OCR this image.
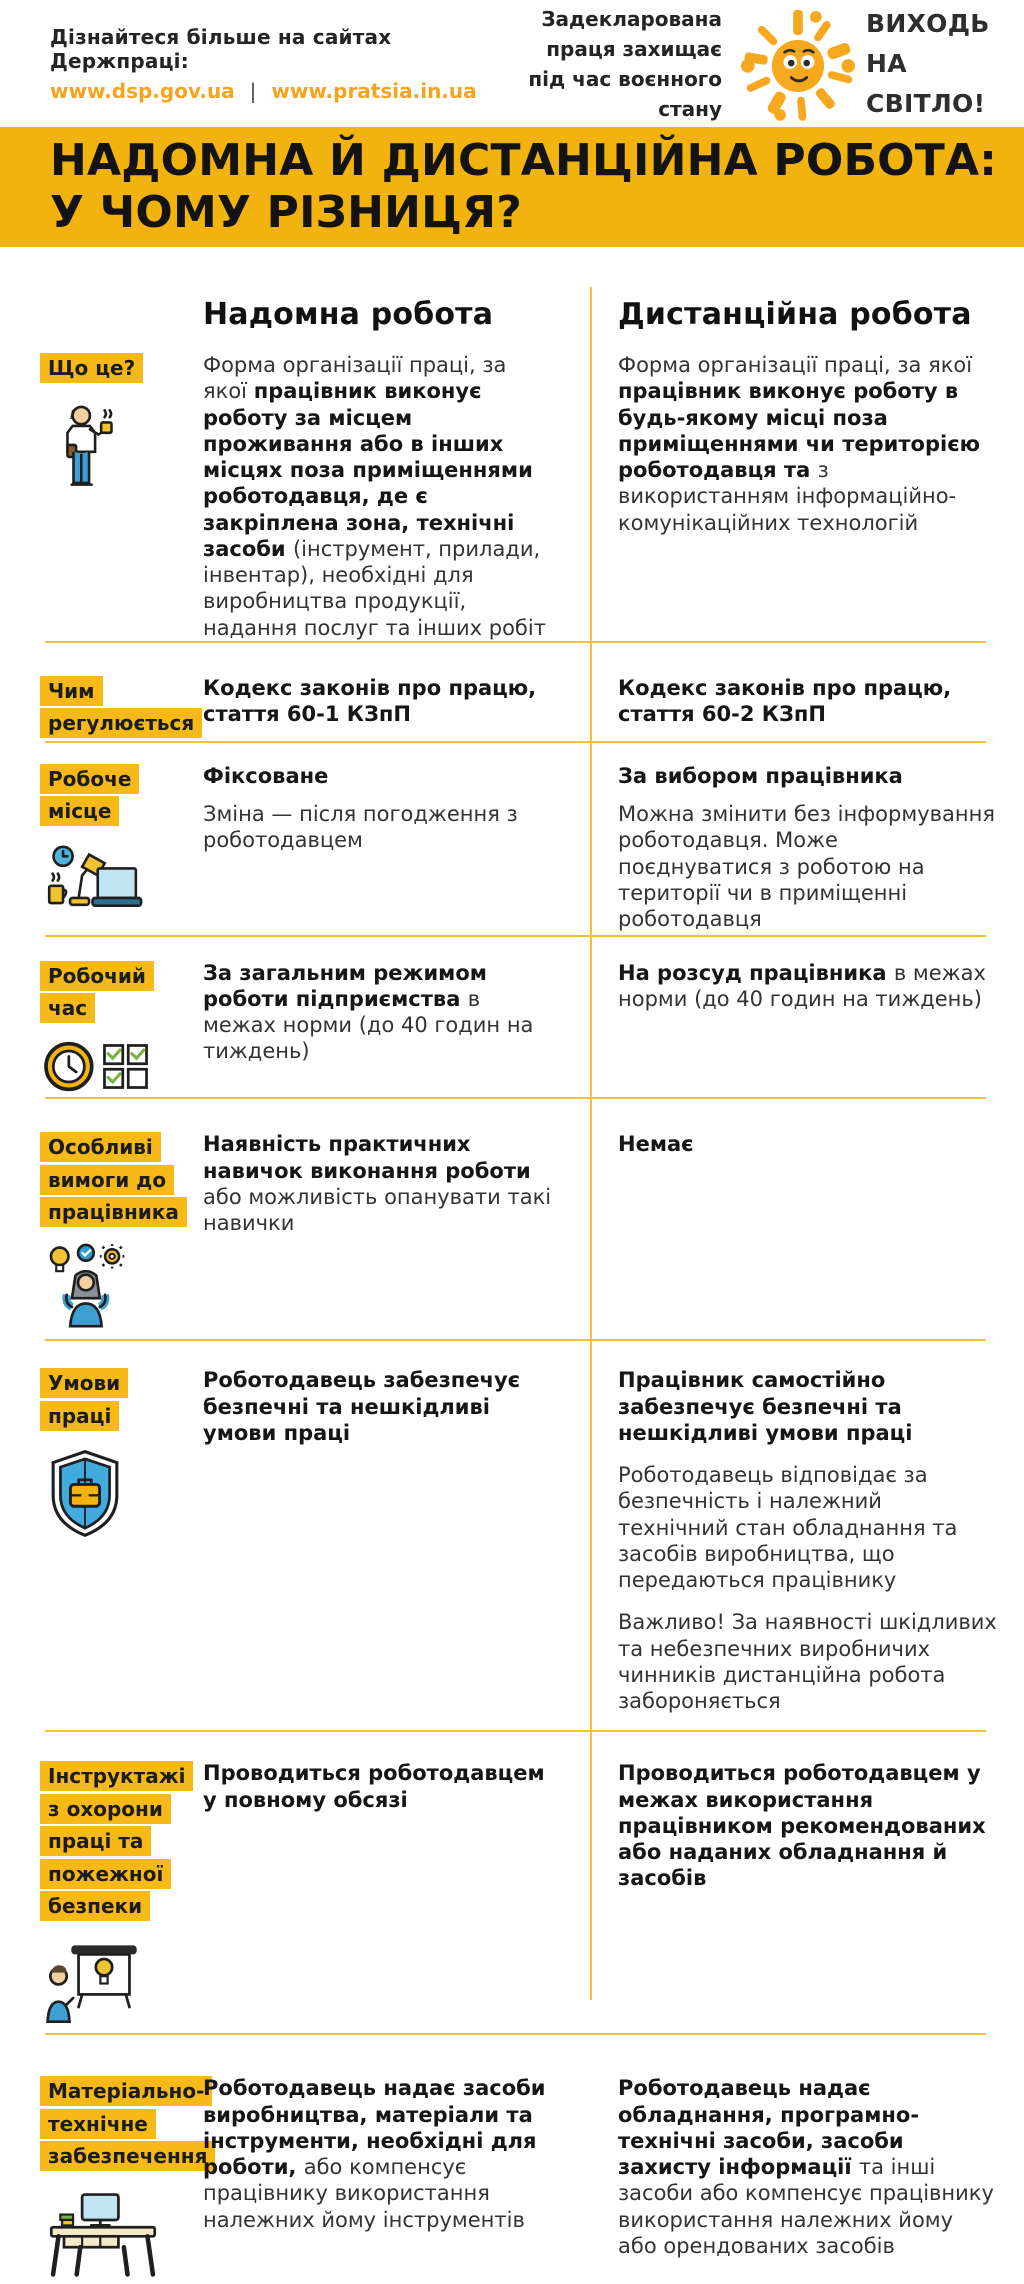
Дізнайтеся більше на сайтах Держпраці:
www.dsp.gov.ua | www.pratsia.in.ua
Задекларована праця захищає
під час воєнного стану
ВИХОДЬ
НА СВІТЛО!
НАДОМНА Й ДИСТАНЦІЙНА РОБОТА:
У ЧОМУ РІЗНИЦЯ?
Надомна робота	Дистанційна робота
Що це?	Форма організації праці, за якої працівник виконує роботу за місцем проживання або в інших місцях поза приміщеннями роботодавця, де є закріплена зона, технічні засоби (інструмент, прилади, інвентар), необхідні для виробництва продукції, надання послуг та інших робіт

Форма організації праці, за якої працівник виконує роботу в будь-якому місці поза приміщеннями чи територією роботодавця та з використанням інформаційно-комунікаційних технологій

Чим регулюється

Кодекс законів про працю, стаття 60-1 КЗпП

Кодекс законів про працю, стаття 60-2 КЗпП

Робоче місце

Фіксоване

Зміна — після погодження з роботодавцем

За вибором працівника

Можна змінити без інформування роботодавця. Може поєднуватися з роботою на території чи в приміщенні роботодавця

Робочий час

За загальним режимом роботи підприємства в межах норми (до 40 годин на тиждень)

На розсуд працівника в межах норми (до 40 годин на тиждень)

Особливі вимоги до працівника

Наявність практичних навичок виконання роботи або можливість опанувати такі навички

Немає

Умови праці

Роботодавець забезпечує безпечні та нешкідливі умови праці

Працівник самостійно забезпечує безпечні та нешкідливі умови праці

Роботодавець відповідає за безпечність і належний технічний стан обладнання та засобів виробництва, що передаються працівнику

Важливо! За наявності шкідливих та небезпечних виробничих чинників дистанційна робота забороняється

Інструктажі з охорони праці та пожежної безпеки

Проводиться роботодавцем у повному обсязі

Проводиться роботодавцем у межах використання працівником рекомендованих або наданих обладнання й засобів

Матеріально-технічне забезпечення

Роботодавець надає засоби виробництва, матеріали та інструменти, необхідні для роботи, або компенсує працівнику використання належних йому інструментів

Роботодавець надає обладнання, програмно-технічні засоби, засоби захисту інформації та інші засоби або компенсує працівнику використання належних йому або орендованих засобів
